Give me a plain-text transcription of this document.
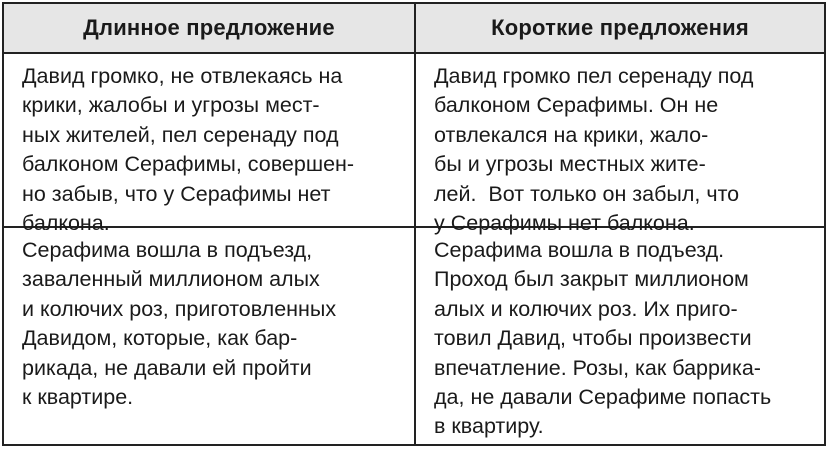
Длинное предложение	Короткие предложения
Давид громко, не отвлекаясь на
крики, жалобы и угрозы мест-
ных жителей, пел серенаду под
балконом Серафимы, совершен-
но забыв, что у Серафимы нет
балкона.
Давид громко пел серенаду под
балконом Серафимы. Он не
отвлекался на крики, жало-
бы и угрозы местных жите-
лей.  Вот только он забыл, что
у Серафимы нет балкона.
Серафима вошла в подъезд,
заваленный миллионом алых
и колючих роз, приготовленных
Давидом, которые, как бар-
рикада, не давали ей пройти
к квартире.
Серафима вошла в подъезд.
Проход был закрыт миллионом
алых и колючих роз. Их приго-
товил Давид, чтобы произвести
впечатление. Розы, как баррика-
да, не давали Серафиме попасть
в квартиру.
